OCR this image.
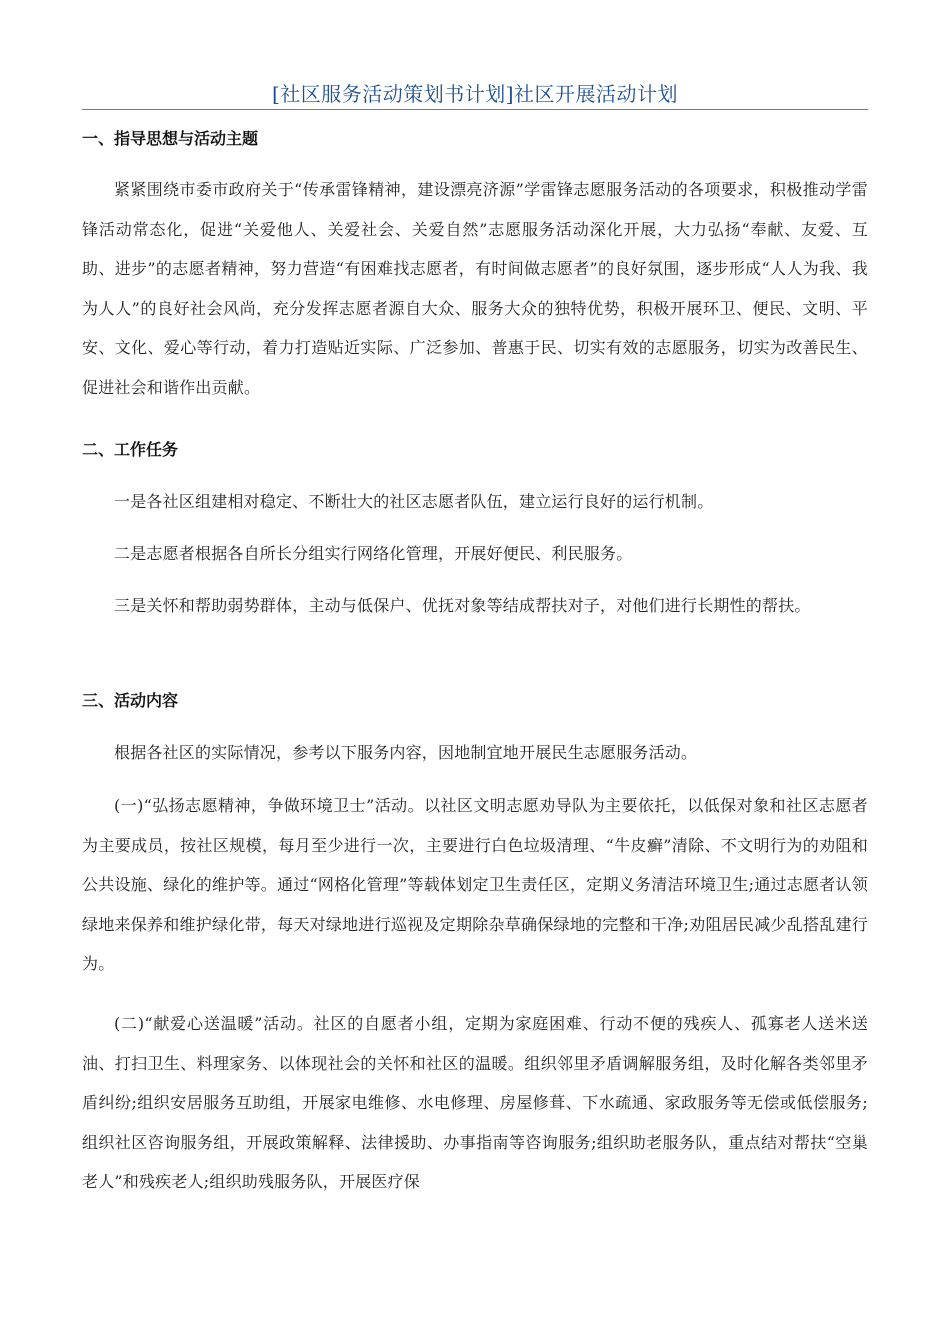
[社区服务活动策划书计划]社区开展活动计划
一、指导思想与活动主题

紧紧围绕市委市政府关于“传承雷锋精神，建设漂亮济源”学雷锋志愿服务活动的各项要求，积极推动学雷锋活动常态化，促进“关爱他人、关爱社会、关爱自然”志愿服务活动深化开展，大力弘扬“奉献、友爱、互助、进步”的志愿者精神，努力营造“有困难找志愿者，有时间做志愿者”的良好氛围，逐步形成“人人为我、我为人人”的良好社会风尚，充分发挥志愿者源自大众、服务大众的独特优势，积极开展环卫、便民、文明、平安、文化、爱心等行动，着力打造贴近实际、广泛参加、普惠于民、切实有效的志愿服务，切实为改善民生、促进社会和谐作出贡献。

二、工作任务

一是各社区组建相对稳定、不断壮大的社区志愿者队伍，建立运行良好的运行机制。

二是志愿者根据各自所长分组实行网络化管理，开展好便民、利民服务。

三是关怀和帮助弱势群体，主动与低保户、优抚对象等结成帮扶对子，对他们进行长期性的帮扶。

三、活动内容

根据各社区的实际情况，参考以下服务内容，因地制宜地开展民生志愿服务活动。

(一)“弘扬志愿精神，争做环境卫士”活动。以社区文明志愿劝导队为主要依托，以低保对象和社区志愿者为主要成员，按社区规模，每月至少进行一次，主要进行白色垃圾清理、“牛皮癣”清除、不文明行为的劝阻和公共设施、绿化的维护等。通过“网格化管理”等载体划定卫生责任区，定期义务清洁环境卫生;通过志愿者认领绿地来保养和维护绿化带，每天对绿地进行巡视及定期除杂草确保绿地的完整和干净;劝阻居民减少乱搭乱建行为。

(二)“献爱心送温暖”活动。社区的自愿者小组，定期为家庭困难、行动不便的残疾人、孤寡老人送米送油、打扫卫生、料理家务、以体现社会的关怀和社区的温暖。组织邻里矛盾调解服务组，及时化解各类邻里矛盾纠纷;组织安居服务互助组，开展家电维修、水电修理、房屋修葺、下水疏通、家政服务等无偿或低偿服务;组织社区咨询服务组，开展政策解释、法律援助、办事指南等咨询服务;组织助老服务队，重点结对帮扶“空巢老人”和残疾老人;组织助残服务队，开展医疗保
